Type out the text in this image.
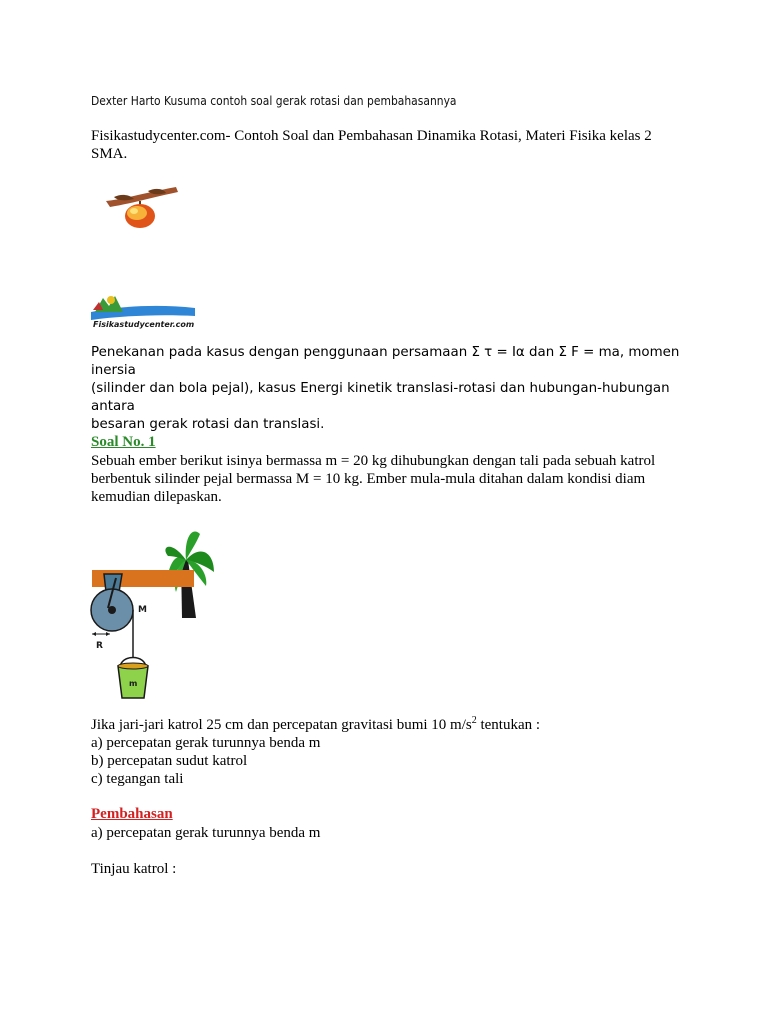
Dexter Harto Kusuma contoh soal gerak rotasi dan pembahasannya

Fisikastudycenter.com- Contoh Soal dan Pembahasan Dinamika Rotasi, Materi Fisika kelas 2
SMA.

Fisikastudycenter.com

Penekanan pada kasus dengan penggunaan persamaan Σ τ = Iα dan Σ F = ma, momen inersia
(silinder dan bola pejal), kasus Energi kinetik translasi-rotasi dan hubungan-hubungan antara
besaran gerak rotasi dan translasi.

Soal No. 1

Sebuah ember berikut isinya bermassa m = 20 kg dihubungkan dengan tali pada sebuah katrol
berbentuk silinder pejal bermassa M = 10 kg. Ember mula-mula ditahan dalam kondisi diam
kemudian dilepaskan.

M
R
m

Jika jari-jari katrol 25 cm dan percepatan gravitasi bumi 10 $m/s^2$ tentukan :
a) percepatan gerak turunnya benda m
b) percepatan sudut katrol
c) tegangan tali

Pembahasan

a) percepatan gerak turunnya benda m

Tinjau katrol :
